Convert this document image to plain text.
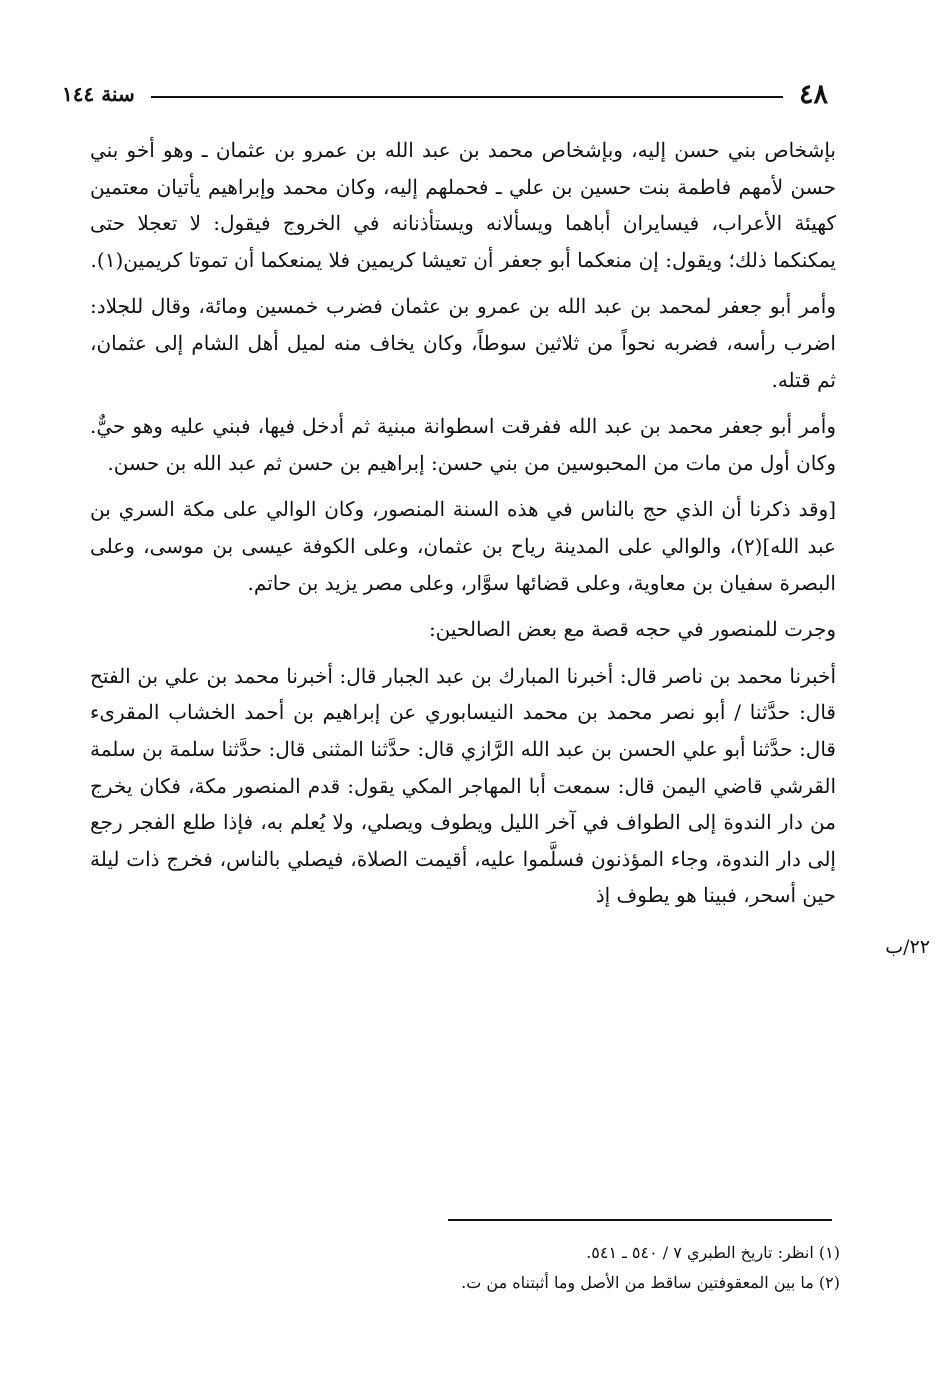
٤٨
سنة ١٤٤

بإشخاص بني حسن إليه، وبإشخاص محمد بن عبد الله بن عمرو بن عثمان ـ وهو أخو بني حسن لأمهم فاطمة بنت حسين بن علي ـ فحملهم إليه، وكان محمد وإبراهيم يأتيان معتمين كهيئة الأعراب، فيسايران أباهما ويسألانه ويستأذنانه في الخروج فيقول: لا تعجلا حتى يمكنكما ذلك؛ ويقول: إن منعكما أبو جعفر أن تعيشا كريمين فلا يمنعكما أن تموتا كريمين(١).

وأمر أبو جعفر لمحمد بن عبد الله بن عمرو بن عثمان فضرب خمسين ومائة، وقال للجلاد: اضرب رأسه، فضربه نحواً من ثلاثين سوطاً، وكان يخاف منه لميل أهل الشام إلى عثمان، ثم قتله.

وأمر أبو جعفر محمد بن عبد الله ففرقت اسطوانة مبنية ثم أدخل فيها، فبني عليه وهو حيٌّ. وكان أول من مات من المحبوسين من بني حسن: إبراهيم بن حسن ثم عبد الله بن حسن.

[وقد ذكرنا أن الذي حج بالناس في هذه السنة المنصور، وكان الوالي على مكة السري بن عبد الله](٢)، والوالي على المدينة رياح بن عثمان، وعلى الكوفة عيسى بن موسى، وعلى البصرة سفيان بن معاوية، وعلى قضائها سوَّار، وعلى مصر يزيد بن حاتم.

وجرت للمنصور في حجه قصة مع بعض الصالحين:

أخبرنا محمد بن ناصر قال: أخبرنا المبارك بن عبد الجبار قال: أخبرنا محمد بن علي بن الفتح قال: حدَّثنا / أبو نصر محمد بن محمد النيسابوري عن إبراهيم بن أحمد الخشاب المقرىء قال: حدَّثنا أبو علي الحسن بن عبد الله الرَّازي قال: حدَّثنا المثنى قال: حدَّثنا سلمة بن سلمة القرشي قاضي اليمن قال: سمعت أبا المهاجر المكي يقول: قدم المنصور مكة، فكان يخرج من دار الندوة إلى الطواف في آخر الليل ويطوف ويصلي، ولا يُعلم به، فإذا طلع الفجر رجع إلى دار الندوة، وجاء المؤذنون فسلَّموا عليه، أقيمت الصلاة، فيصلي بالناس، فخرج ذات ليلة حين أسحر، فبينا هو يطوف إذ

٢٢/ب
(١) انظر: تاريخ الطبري ٧ / ٥٤٠ ـ ٥٤١.
(٢) ما بين المعقوفتين ساقط من الأصل وما أثبتناه من ت.
